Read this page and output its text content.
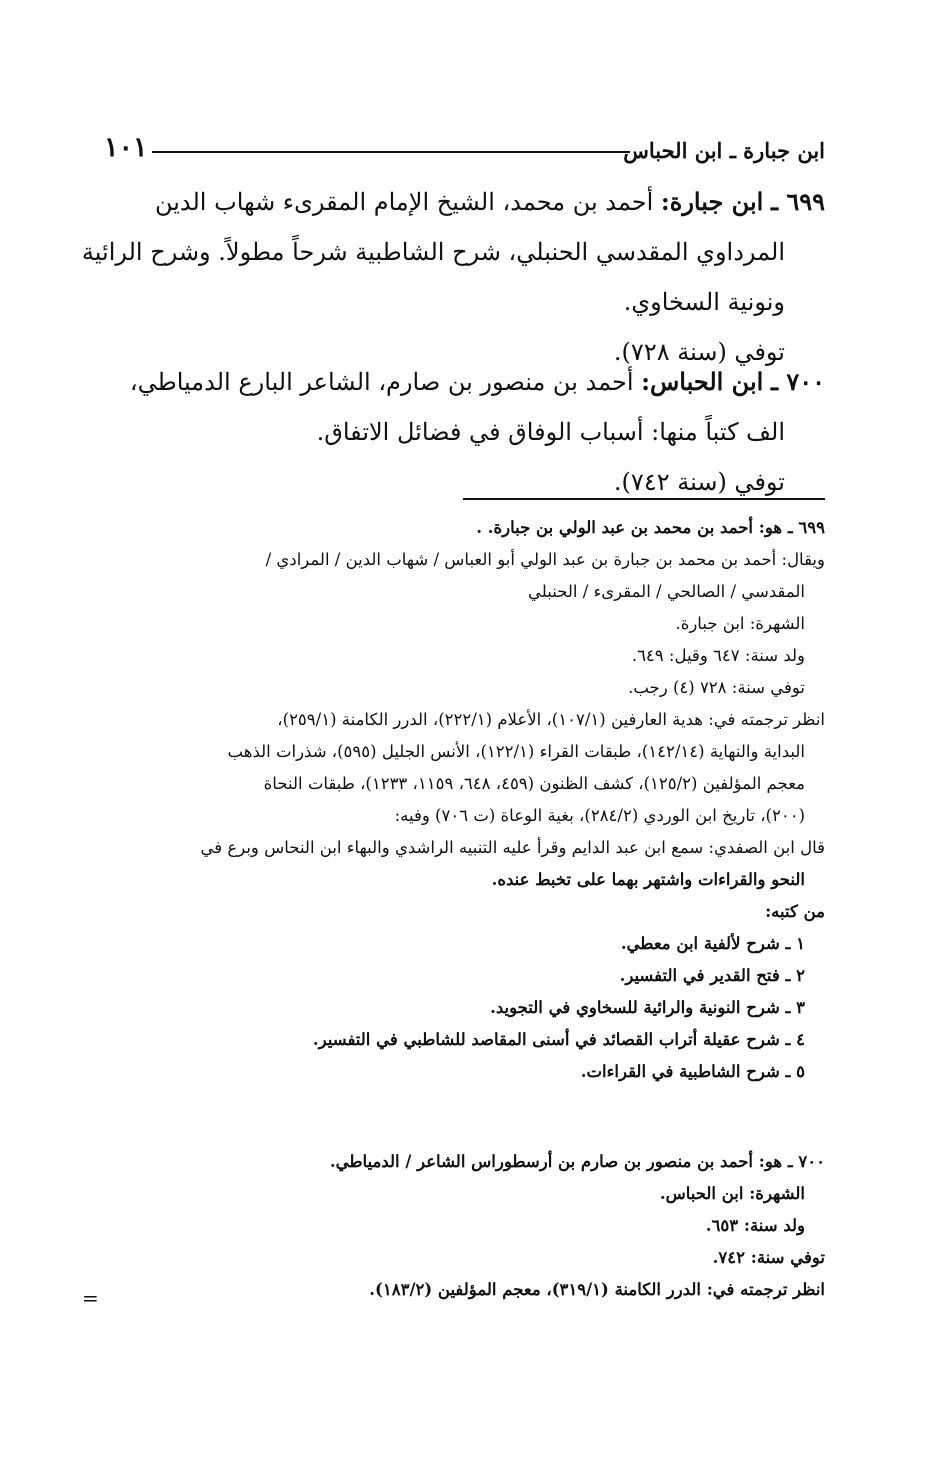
ابن جبارة ـ ابن الحباس
١٠١
٦٩٩ ـ ابن جبارة: أحمد بن محمد، الشيخ الإمام المقرىء شهاب الدين
المرداوي المقدسي الحنبلي، شرح الشاطبية شرحاً مطولاً. وشرح الرائية
ونونية السخاوي.
توفي (سنة ٧٢٨).
٧٠٠ ـ ابن الحباس: أحمد بن منصور بن صارم، الشاعر البارع الدمياطي،
الف كتباً منها: أسباب الوفاق في فضائل الاتفاق.
توفي (سنة ٧٤٢).

٦٩٩ ـ هو: أحمد بن محمد بن عبد الولي بن جبارة. .

ويقال: أحمد بن محمد بن جبارة بن عبد الولي أبو العباس / شهاب الدين / المرادي /

المقدسي / الصالحي / المقرىء / الحنبلي

الشهرة: ابن جبارة.

ولد سنة: ٦٤٧ وقيل: ٦٤٩.

توفي سنة: ٧٢٨ (٤) رجب.

انظر ترجمته في: هدية العارفين (١٠٧/١)، الأعلام (٢٢٢/١)، الدرر الكامنة (٢٥٩/١)،

البداية والنهاية (١٤٢/١٤)، طبقات القراء (١٢٢/١)، الأنس الجليل (٥٩٥)، شذرات الذهب

معجم المؤلفين (١٢٥/٢)، كشف الظنون (٤٥٩، ٦٤٨، ١١٥٩، ١٢٣٣)، طبقات النحاة

(٢٠٠)، تاريخ ابن الوردي (٢٨٤/٢)، بغية الوعاة (ت ٧٠٦) وفيه:

قال ابن الصفدي: سمع ابن عبد الدايم وقرأ عليه التنبيه الراشدي والبهاء ابن النحاس وبرع في

النحو والقراءات واشتهر بهما على تخبط عنده.

من كتبه:

١ ـ شرح لألفية ابن معطي.

٢ ـ فتح القدير في التفسير.

٣ ـ شرح النونية والرائية للسخاوي في التجويد.

٤ ـ شرح عقيلة أتراب القصائد في أسنى المقاصد للشاطبي في التفسير.

٥ ـ شرح الشاطبية في القراءات.

٧٠٠ ـ هو: أحمد بن منصور بن صارم بن أرسطوراس الشاعر / الدمياطي.

الشهرة: ابن الحباس.

ولد سنة: ٦٥٣.

توفي سنة: ٧٤٢.

انظر ترجمته في: الدرر الكامنة (٣١٩/١)، معجم المؤلفين (١٨٣/٢).

=
